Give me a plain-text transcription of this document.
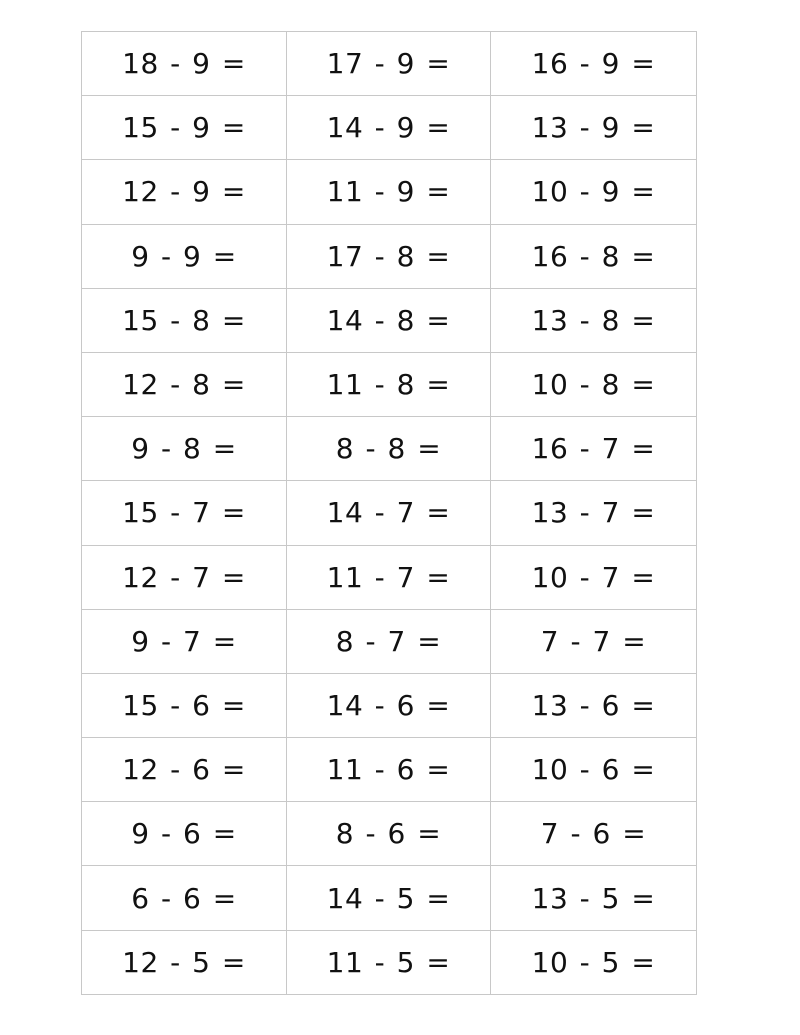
18 - 9 =	17 - 9 =	16 - 9 =
15 - 9 =	14 - 9 =	13 - 9 =
12 - 9 =	11 - 9 =	10 - 9 =
9 - 9 =	17 - 8 =	16 - 8 =
15 - 8 =	14 - 8 =	13 - 8 =
12 - 8 =	11 - 8 =	10 - 8 =
9 - 8 =	8 - 8 =	16 - 7 =
15 - 7 =	14 - 7 =	13 - 7 =
12 - 7 =	11 - 7 =	10 - 7 =
9 - 7 =	8 - 7 =	7 - 7 =
15 - 6 =	14 - 6 =	13 - 6 =
12 - 6 =	11 - 6 =	10 - 6 =
9 - 6 =	8 - 6 =	7 - 6 =
6 - 6 =	14 - 5 =	13 - 5 =
12 - 5 =	11 - 5 =	10 - 5 =
